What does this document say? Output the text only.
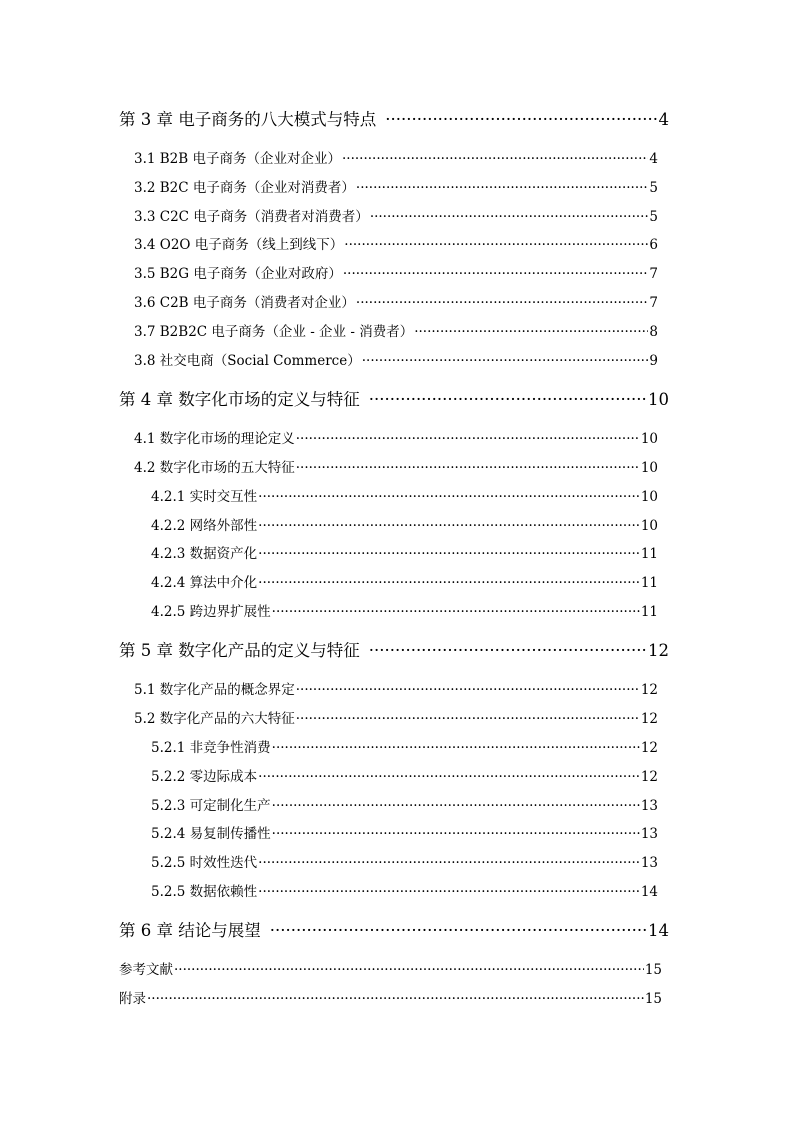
第 3 章 电子商务的八大模式与特点 ·····	4
3.1 B2B 电子商务（企业对企业） ·····	4
3.2 B2C 电子商务（企业对消费者） ·····	5
3.3 C2C 电子商务（消费者对消费者） ·····	5
3.4 O2O 电子商务（线上到线下） ·····	6
3.5 B2G 电子商务（企业对政府） ·····	7
3.6 C2B 电子商务（消费者对企业） ·····	7
3.7 B2B2C 电子商务（企业 - 企业 - 消费者） ·····	8
3.8 社交电商（Social Commerce） ·····	9
第 4 章 数字化市场的定义与特征 ·····	10
4.1 数字化市场的理论定义 ·····	10
4.2 数字化市场的五大特征 ·····	10
4.2.1 实时交互性 ·····	10
4.2.2 网络外部性 ·····	10
4.2.3 数据资产化 ·····	11
4.2.4 算法中介化 ·····	11
4.2.5 跨边界扩展性 ·····	11
第 5 章 数字化产品的定义与特征 ·····	12
5.1 数字化产品的概念界定 ·····	12
5.2 数字化产品的六大特征 ·····	12
5.2.1 非竞争性消费 ·····	12
5.2.2 零边际成本 ·····	12
5.2.3 可定制化生产 ·····	13
5.2.4 易复制传播性 ·····	13
5.2.5 时效性迭代 ·····	13
5.2.5 数据依赖性 ·····	14
第 6 章 结论与展望 ·····	14
参考文献 ·····	15
附录 ·····	15
